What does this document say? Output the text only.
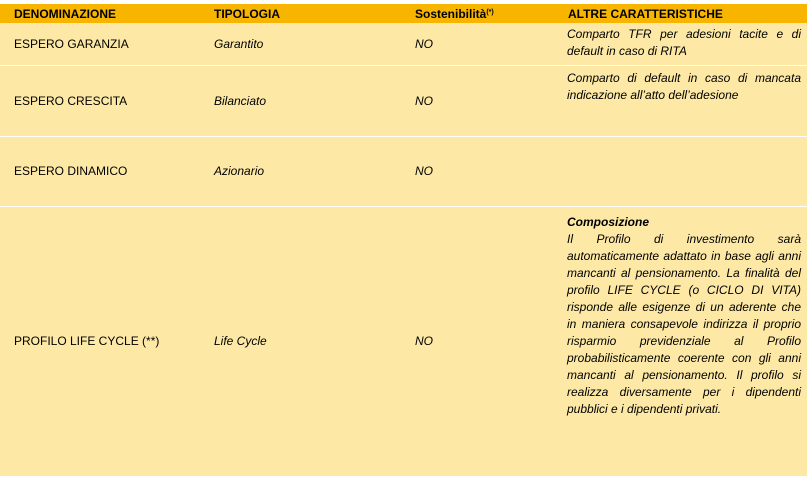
DENOMINAZIONE	TIPOLOGIA	Sostenibilità(*)	ALTRE CARATTERISTICHE
ESPERO GARANZIA	Garantito	NO	Comparto TFR per adesioni tacite e di default in caso di RITA
ESPERO CRESCITA	Bilanciato	NO	Comparto di default in caso di mancata indicazione all’atto dell’adesione
ESPERO DINAMICO	Azionario	NO	
PROFILO LIFE CYCLE (**)	Life Cycle	NO	Composizione
Il Profilo di investimento sarà automaticamente adattato in base agli anni mancanti al pensionamento. La finalità del profilo LIFE CYCLE (o CICLO DI VITA) risponde alle esigenze di un aderente che in maniera consapevole indirizza il proprio risparmio previdenziale al Profilo probabilisticamente coerente con gli anni mancanti al pensionamento. Il profilo si realizza diversamente per i dipendenti pubblici e i dipendenti privati.
